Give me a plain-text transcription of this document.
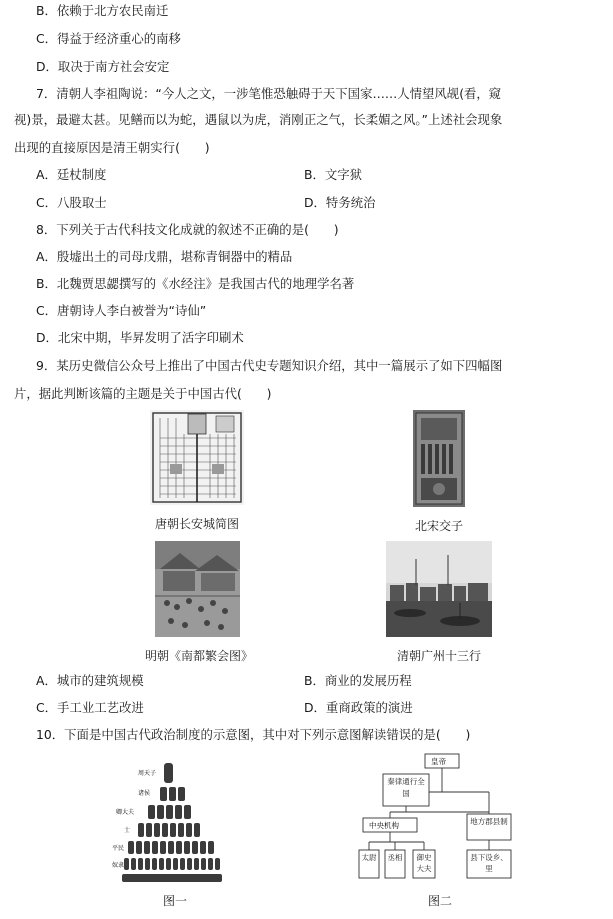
B．依赖于北方农民南迁
C．得益于经济重心的南移
D．取决于南方社会安定
7．清朝人李祖陶说：“今人之文，一涉笔惟恐触碍于天下国家……人情望风觇(看，窥
视)景，最避太甚。见鳝而以为蛇，遇鼠以为虎，消刚正之气，长柔媚之风。”上述社会现象
出现的直接原因是清王朝实行(　　)
A．廷杖制度	B．文字狱
C．八股取士	D．特务统治
8．下列关于古代科技文化成就的叙述不正确的是(　　)
A．殷墟出土的司母戊鼎，堪称青铜器中的精品
B．北魏贾思勰撰写的《水经注》是我国古代的地理学名著
C．唐朝诗人李白被誉为“诗仙”
D．北宋中期，毕昇发明了活字印刷术
9．某历史微信公众号上推出了中国古代史专题知识介绍，其中一篇展示了如下四幅图
片，据此判断该篇的主题是关于中国古代(　　)
唐朝长安城简图	北宋交子
明朝《南都繁会图》	清朝广州十三行
A．城市的建筑规模	B．商业的发展历程
C．手工业工艺改进	D．重商政策的演进
10．下面是中国古代政治制度的示意图，其中对下列示意图解读错误的是(　　)
周天子
诸侯
卿大夫
士
平民
奴隶
图一
皇帝
秦律通行全国
中央机构	地方郡县制
太尉 丞相 御史大夫
县下设乡、里
图二
